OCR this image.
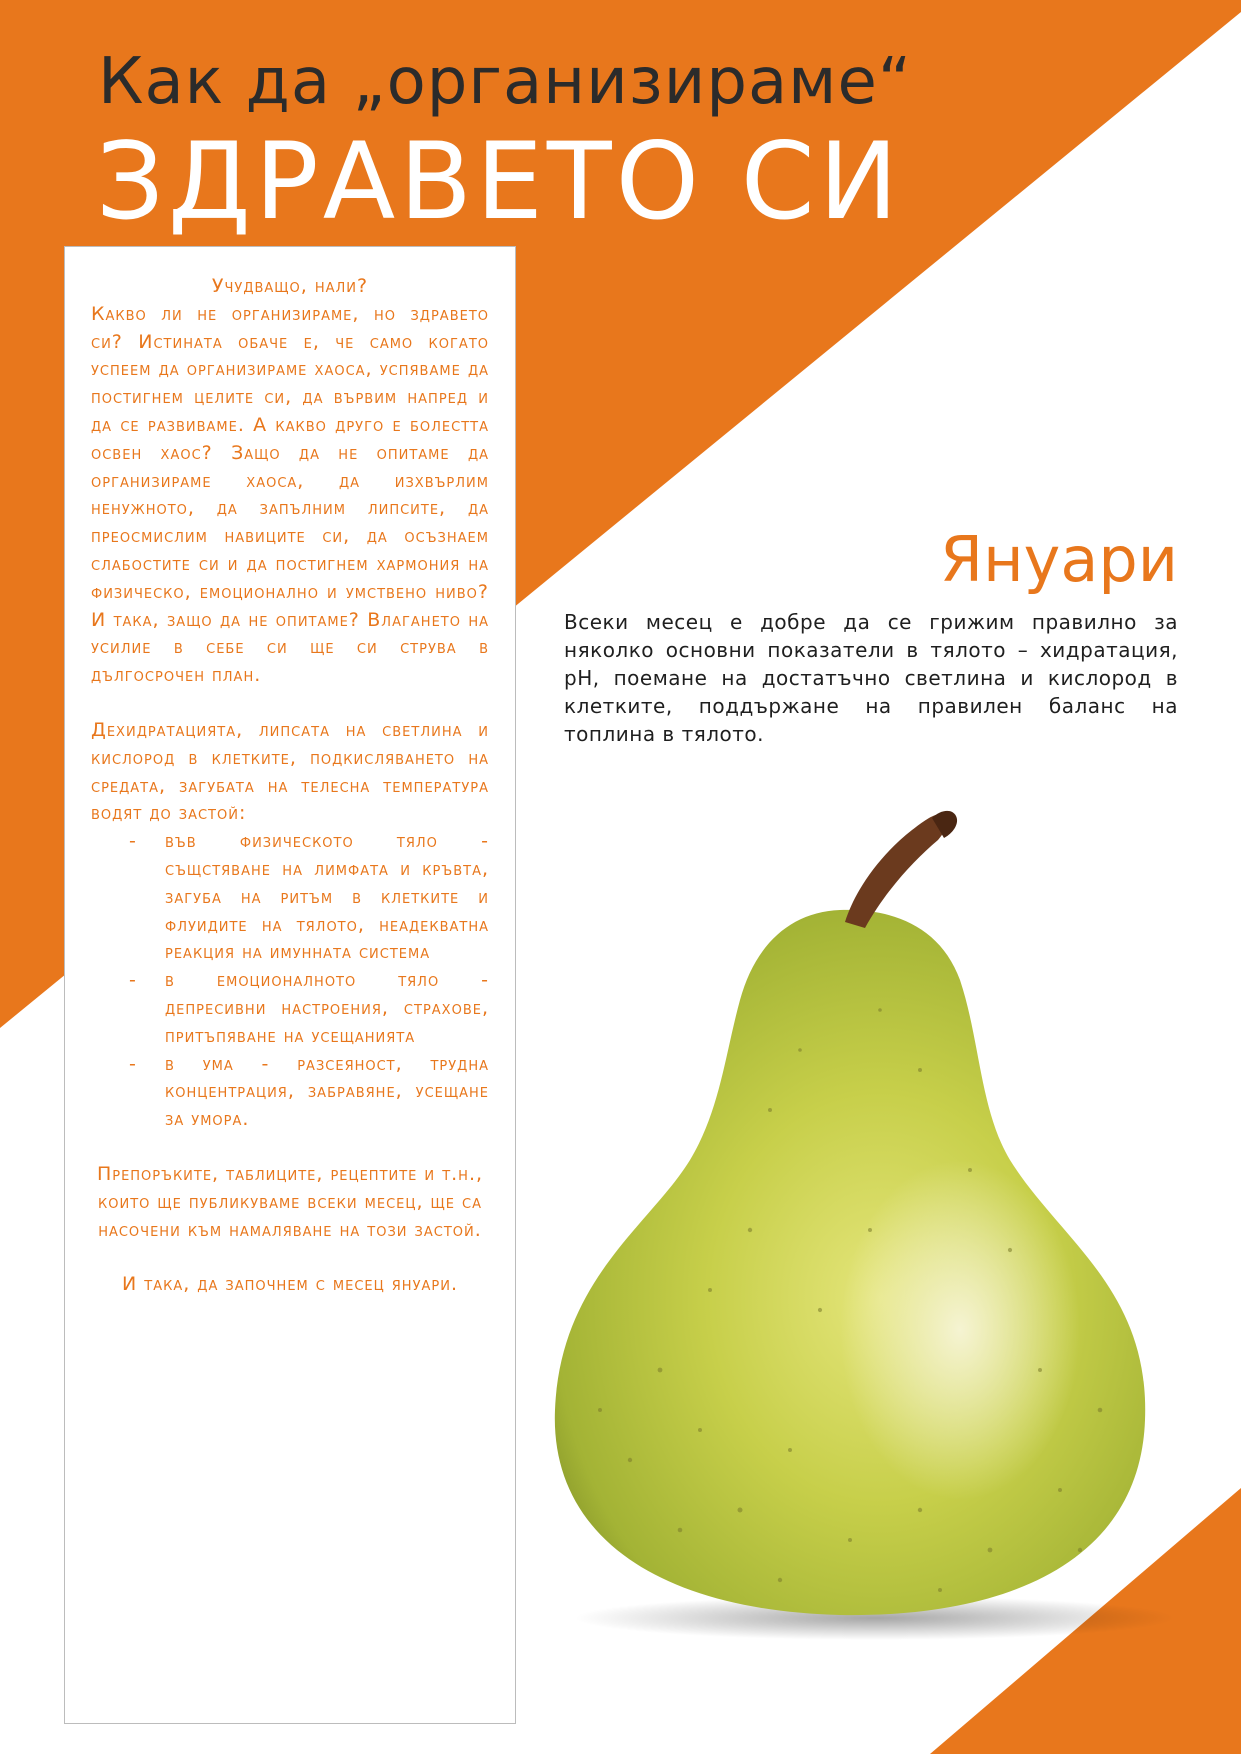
Как да „организираме“
ЗДРАВЕТО СИ

Учудващо, нали?

Какво ли не организираме, но здравето си? Истината обаче е, че само когато успеем да организираме хаоса, успяваме да постигнем целите си, да вървим напред и да се развиваме. А какво друго е болестта освен хаос? Защо да не опитаме да организираме хаоса, да изхвърлим ненужното, да запълним липсите, да преосмислим навиците си, да осъзнаем слабостите си и да постигнем хармония на физическо, емоционално и умствено ниво? И така, защо да не опитаме? Влагането на усилие в себе си ще си струва в дългосрочен план.

Дехидратацията, липсата на светлина и кислород в клетките, подкисляването на средата, загубата на телесна температура водят до застой:

- във физическото тяло - същстяване на лимфата и кръвта, загуба на ритъм в клетките и флуидите на тялото, неадекватна реакция на имунната система
- в емоционалното тяло - депресивни настроения, страхове, притъпяване на усещанията
- в ума - разсеяност, трудна концентрация, забравяне, усещане за умора.

Препоръките, таблиците, рецептите и т.н., които ще публикуваме всеки месец, ще са насочени към намаляване на този застой.

И така, да започнем с месец януари.

Януари
Всеки месец е добре да се грижим правилно за няколко основни показатели в тялото – хидратация, pH, поемане на достатъчно светлина и кислород в клетките, поддържане на правилен баланс на топлина в тялото.
